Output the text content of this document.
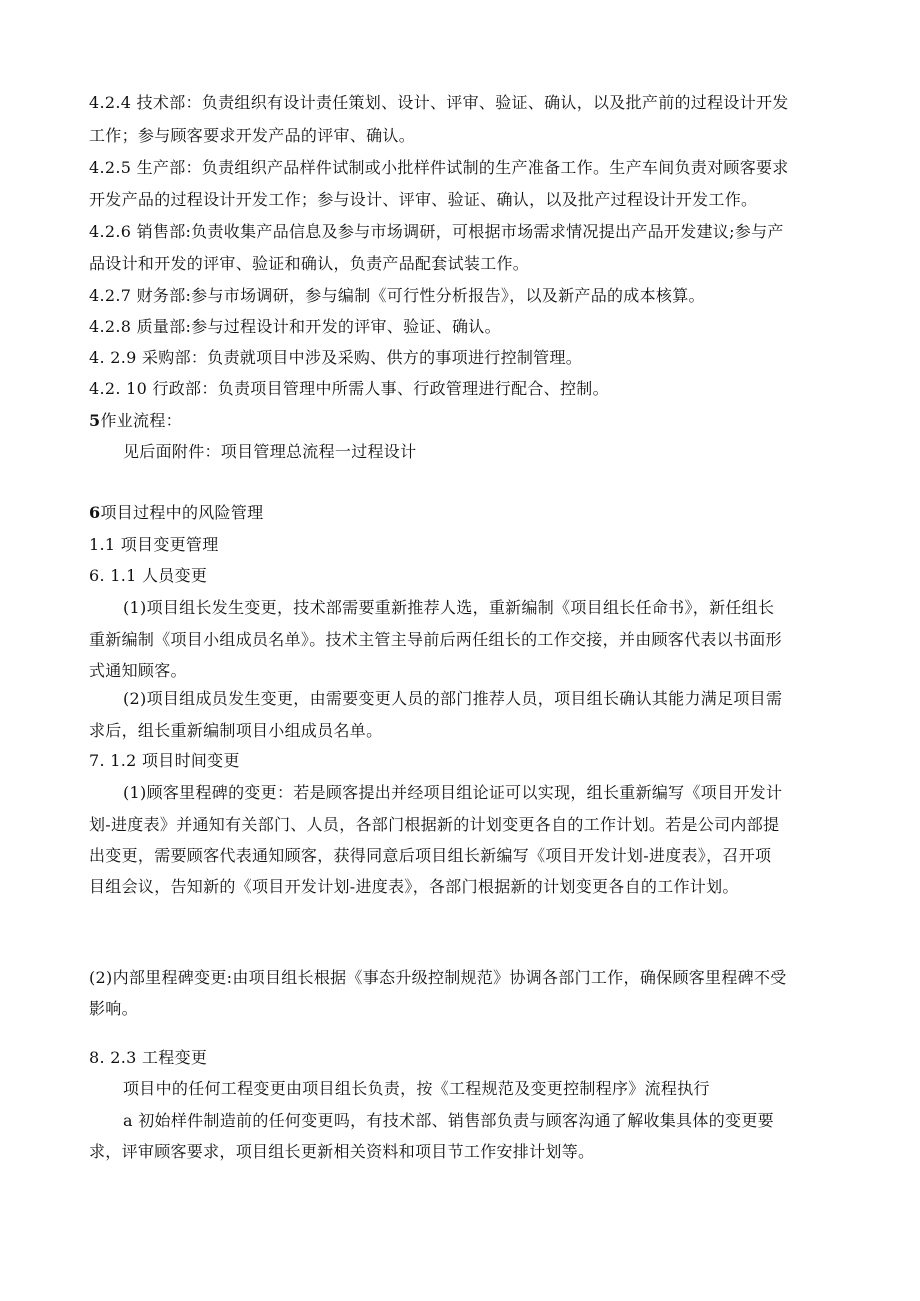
4.2.4 技术部：负责组织有设计责任策划、设计、评审、验证、确认，以及批产前的过程设计开发
工作；参与顾客要求开发产品的评审、确认。
4.2.5 生产部：负责组织产品样件试制或小批样件试制的生产准备工作。生产车间负责对顾客要求
开发产品的过程设计开发工作；参与设计、评审、验证、确认，以及批产过程设计开发工作。
4.2.6 销售部:负责收集产品信息及参与市场调研，可根据市场需求情况提出产品开发建议;参与产
品设计和开发的评审、验证和确认，负责产品配套试装工作。
4.2.7 财务部:参与市场调研，参与编制《可行性分析报告》，以及新产品的成本核算。
4.2.8 质量部:参与过程设计和开发的评审、验证、确认。
4. 2.9 采购部：负责就项目中涉及采购、供方的事项进行控制管理。
4.2. 10 行政部：负责项目管理中所需人事、行政管理进行配合、控制。
5作业流程：
见后面附件：项目管理总流程一过程设计
6项目过程中的风险管理
1.1 项目变更管理
6. 1.1 人员变更
(1)项目组长发生变更，技术部需要重新推荐人选，重新编制《项目组长任命书》，新任组长
重新编制《项目小组成员名单》。技术主管主导前后两任组长的工作交接，并由顾客代表以书面形
式通知顾客。
(2)项目组成员发生变更，由需要变更人员的部门推荐人员，项目组长确认其能力满足项目需
求后，组长重新编制项目小组成员名单。
7. 1.2 项目时间变更
(1)顾客里程碑的变更：若是顾客提出并经项目组论证可以实现，组长重新编写《项目开发计
划-进度表》并通知有关部门、人员，各部门根据新的计划变更各自的工作计划。若是公司内部提
出变更，需要顾客代表通知顾客，获得同意后项目组长新编写《项目开发计划-进度表》，召开项
目组会议，告知新的《项目开发计划-进度表》，各部门根据新的计划变更各自的工作计划。
(2)内部里程碑变更:由项目组长根据《事态升级控制规范》协调各部门工作，确保顾客里程碑不受
影响。
8. 2.3 工程变更
项目中的任何工程变更由项目组长负责，按《工程规范及变更控制程序》流程执行
a 初始样件制造前的任何变更吗，有技术部、销售部负责与顾客沟通了解收集具体的变更要
求，评审顾客要求，项目组长更新相关资料和项目节工作安排计划等。
